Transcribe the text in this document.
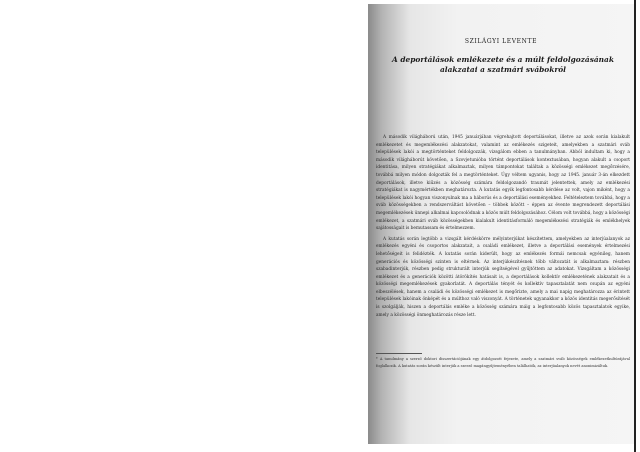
SZILÁGYI LEVENTE
A deportálások emlékezete és a múlt feldolgozásának
alakzatai a szatmári svábokról

A második világháború után, 1945 januárjában végrehajtott deportálásokat, illetve az azok során kialakult emlékezetet és megemlékezési alakzatokat, valamint az emlékezés szigeteit, amelyekben a szatmári sváb települések lakói a megtörténteket feldolgozzák, vizsgálom ebben a tanulmányban. Abból indultam ki, hogy a második világháborút követően, a Szovjetunióba történt deportálások kontextusában, hogyan alakult a csoport identitása, milyen stratégiákat alkalmaztak, milyen támpontokat találtak a közösségi emlékezet megőrzésére, továbbá milyen módon dolgozták fel a megtörténteket. Úgy véltem ugyanis, hogy az 1945. január 3-án elkezdett deportálások, illetve kiűzés a közösség számára feldolgozandó traumát jelentettek, amely az emlékezési stratégiákat is nagymértékben meghatározta. A kutatás egyik legfontosabb kérdése az volt, vajon miként, hogy a települések lakói hogyan viszonyulnak ma a háborús és a deportálási eseményekhez. Feltételeztem továbbá, hogy a sváb közösségekben a rendszerváltást követően – többek között – éppen az évente megrendezett deportálási megemlékezések ünnepi alkalmai kapcsolódnak a közös múlt feldolgozásához. Célom volt továbbá, hogy a közösségi emlékezet, a szatmári sváb közösségekben kialakult identitásformáló megemlékezési stratégiák és emlékhelyek sajátosságait is bemutassam és értelmezzem.

A kutatás során legtöbb a vizsgált kérdéskörre mélyinterjúkat készítettem, amelyekben az interjúalanyok az emlékezés egyéni és csoportos alakzatait, a családi emlékezet, illetve a deportálási események értelmezési lehetőségeit is felidézték. A kutatás során kiderült, hogy az emlékezés formái nemcsak egyénileg, hanem generációs és közösségi szinten is eltérnek. Az interjúkészítésnek több változatát is alkalmaztam: részben szabadinterjúk, részben pedig strukturált interjúk segítségével gyűjtöttem az adatokat. Vizsgáltam a közösségi emlékezet és a generációk közötti átörökítés hatásait is, a deportálások kollektív emlékezetének alakzatait és a közösségi megemlékezések gyakorlatát. A deportálás tényét és kollektív tapasztalatát nem csupán az egyéni elbeszélések, hanem a családi és közösségi emlékezet is megőrizte, amely a mai napig meghatározza az érintett települések lakóinak önképét és a múlthoz való viszonyát. A történetek ugyanakkor a közös identitás megerősítését is szolgálják, hiszen a deportálás emléke a közösség számára máig a legfontosabb közös tapasztalatok egyike, amely a közösségi önmeghatározás része lett.

* A tanulmány a szerző doktori disszertációjának egy átdolgozott fejezete, amely a szatmári sváb közösségek emlékezetkultúrájával foglalkozik. A kutatás során készült interjúk a szerző magángyűjteményében találhatók, az interjúalanyok nevét anonimizáltuk.
